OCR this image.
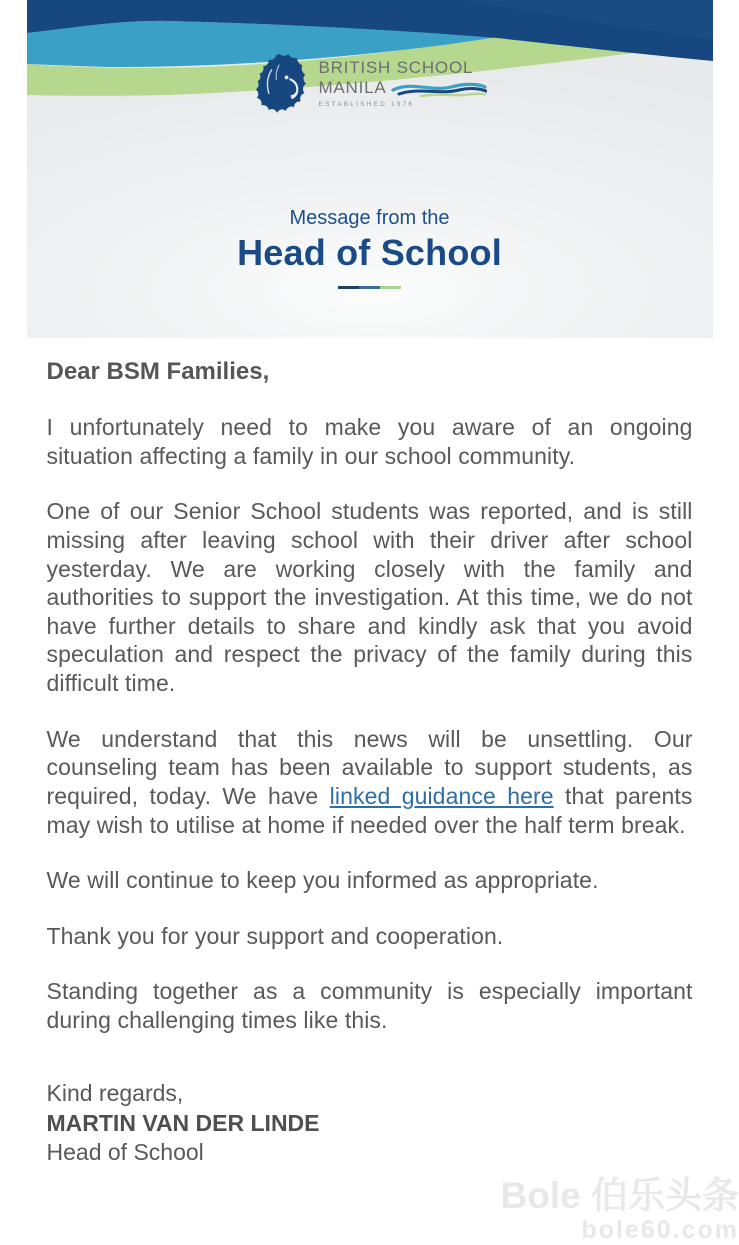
BRITISH SCHOOL
MANILA
ESTABLISHED 1976
Message from the
Head of School
Dear BSM Families,

I unfortunately need to make you aware of an ongoing situation affecting a family in our school community.

One of our Senior School students was reported, and is still missing after leaving school with their driver after school yesterday. We are working closely with the family and authorities to support the investigation. At this time, we do not have further details to share and kindly ask that you avoid speculation and respect the privacy of the family during this difficult time.

We understand that this news will be unsettling. Our counseling team has been available to support students, as required, today. We have linked guidance here that parents may wish to utilise at home if needed over the half term break.

We will continue to keep you informed as appropriate.

Thank you for your support and cooperation.

Standing together as a community is especially important during challenging times like this.

Kind regards,
MARTIN VAN DER LINDE
Head of School
Bole 伯乐头条
bole60.com
